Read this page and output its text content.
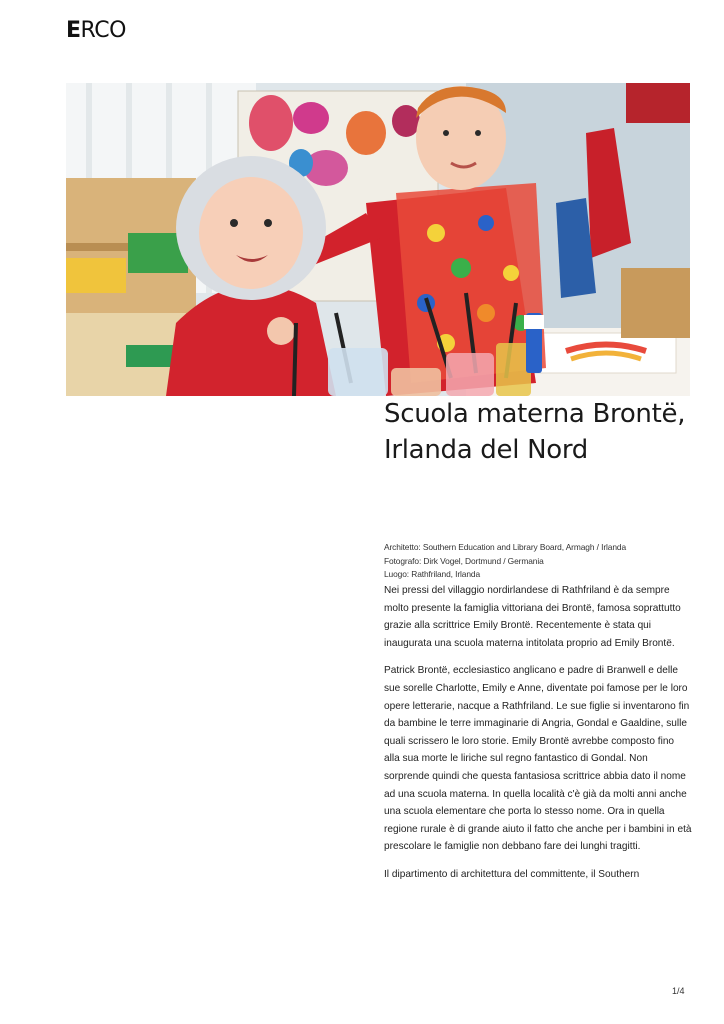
ERCO
Scuola materna Brontë,
Irlanda del Nord
Architetto: Southern Education and Library Board, Armagh / Irlanda
Fotografo: Dirk Vogel, Dortmund / Germania
Luogo: Rathfriland, Irlanda

Nei pressi del villaggio nordirlandese di Rathfriland è da sempre molto presente la famiglia vittoriana dei Brontë, famosa soprattutto grazie alla scrittrice Emily Brontë. Recentemente è stata qui inaugurata una scuola materna intitolata proprio ad Emily Brontë.

Patrick Brontë, ecclesiastico anglicano e padre di Branwell e delle sue sorelle Charlotte, Emily e Anne, diventate poi famose per le loro opere letterarie, nacque a Rathfriland. Le sue figlie si inventarono fin da bambine le terre immaginarie di Angria, Gondal e Gaaldine, sulle quali scrissero le loro storie. Emily Brontë avrebbe composto fino alla sua morte le liriche sul regno fantastico di Gondal. Non sorprende quindi che questa fantasiosa scrittrice abbia dato il nome ad una scuola materna. In quella località c'è già da molti anni anche una scuola elementare che porta lo stesso nome. Ora in quella regione rurale è di grande aiuto il fatto che anche per i bambini in età prescolare le famiglie non debbano fare dei lunghi tragitti.

Il dipartimento di architettura del committente, il Southern

1/4
